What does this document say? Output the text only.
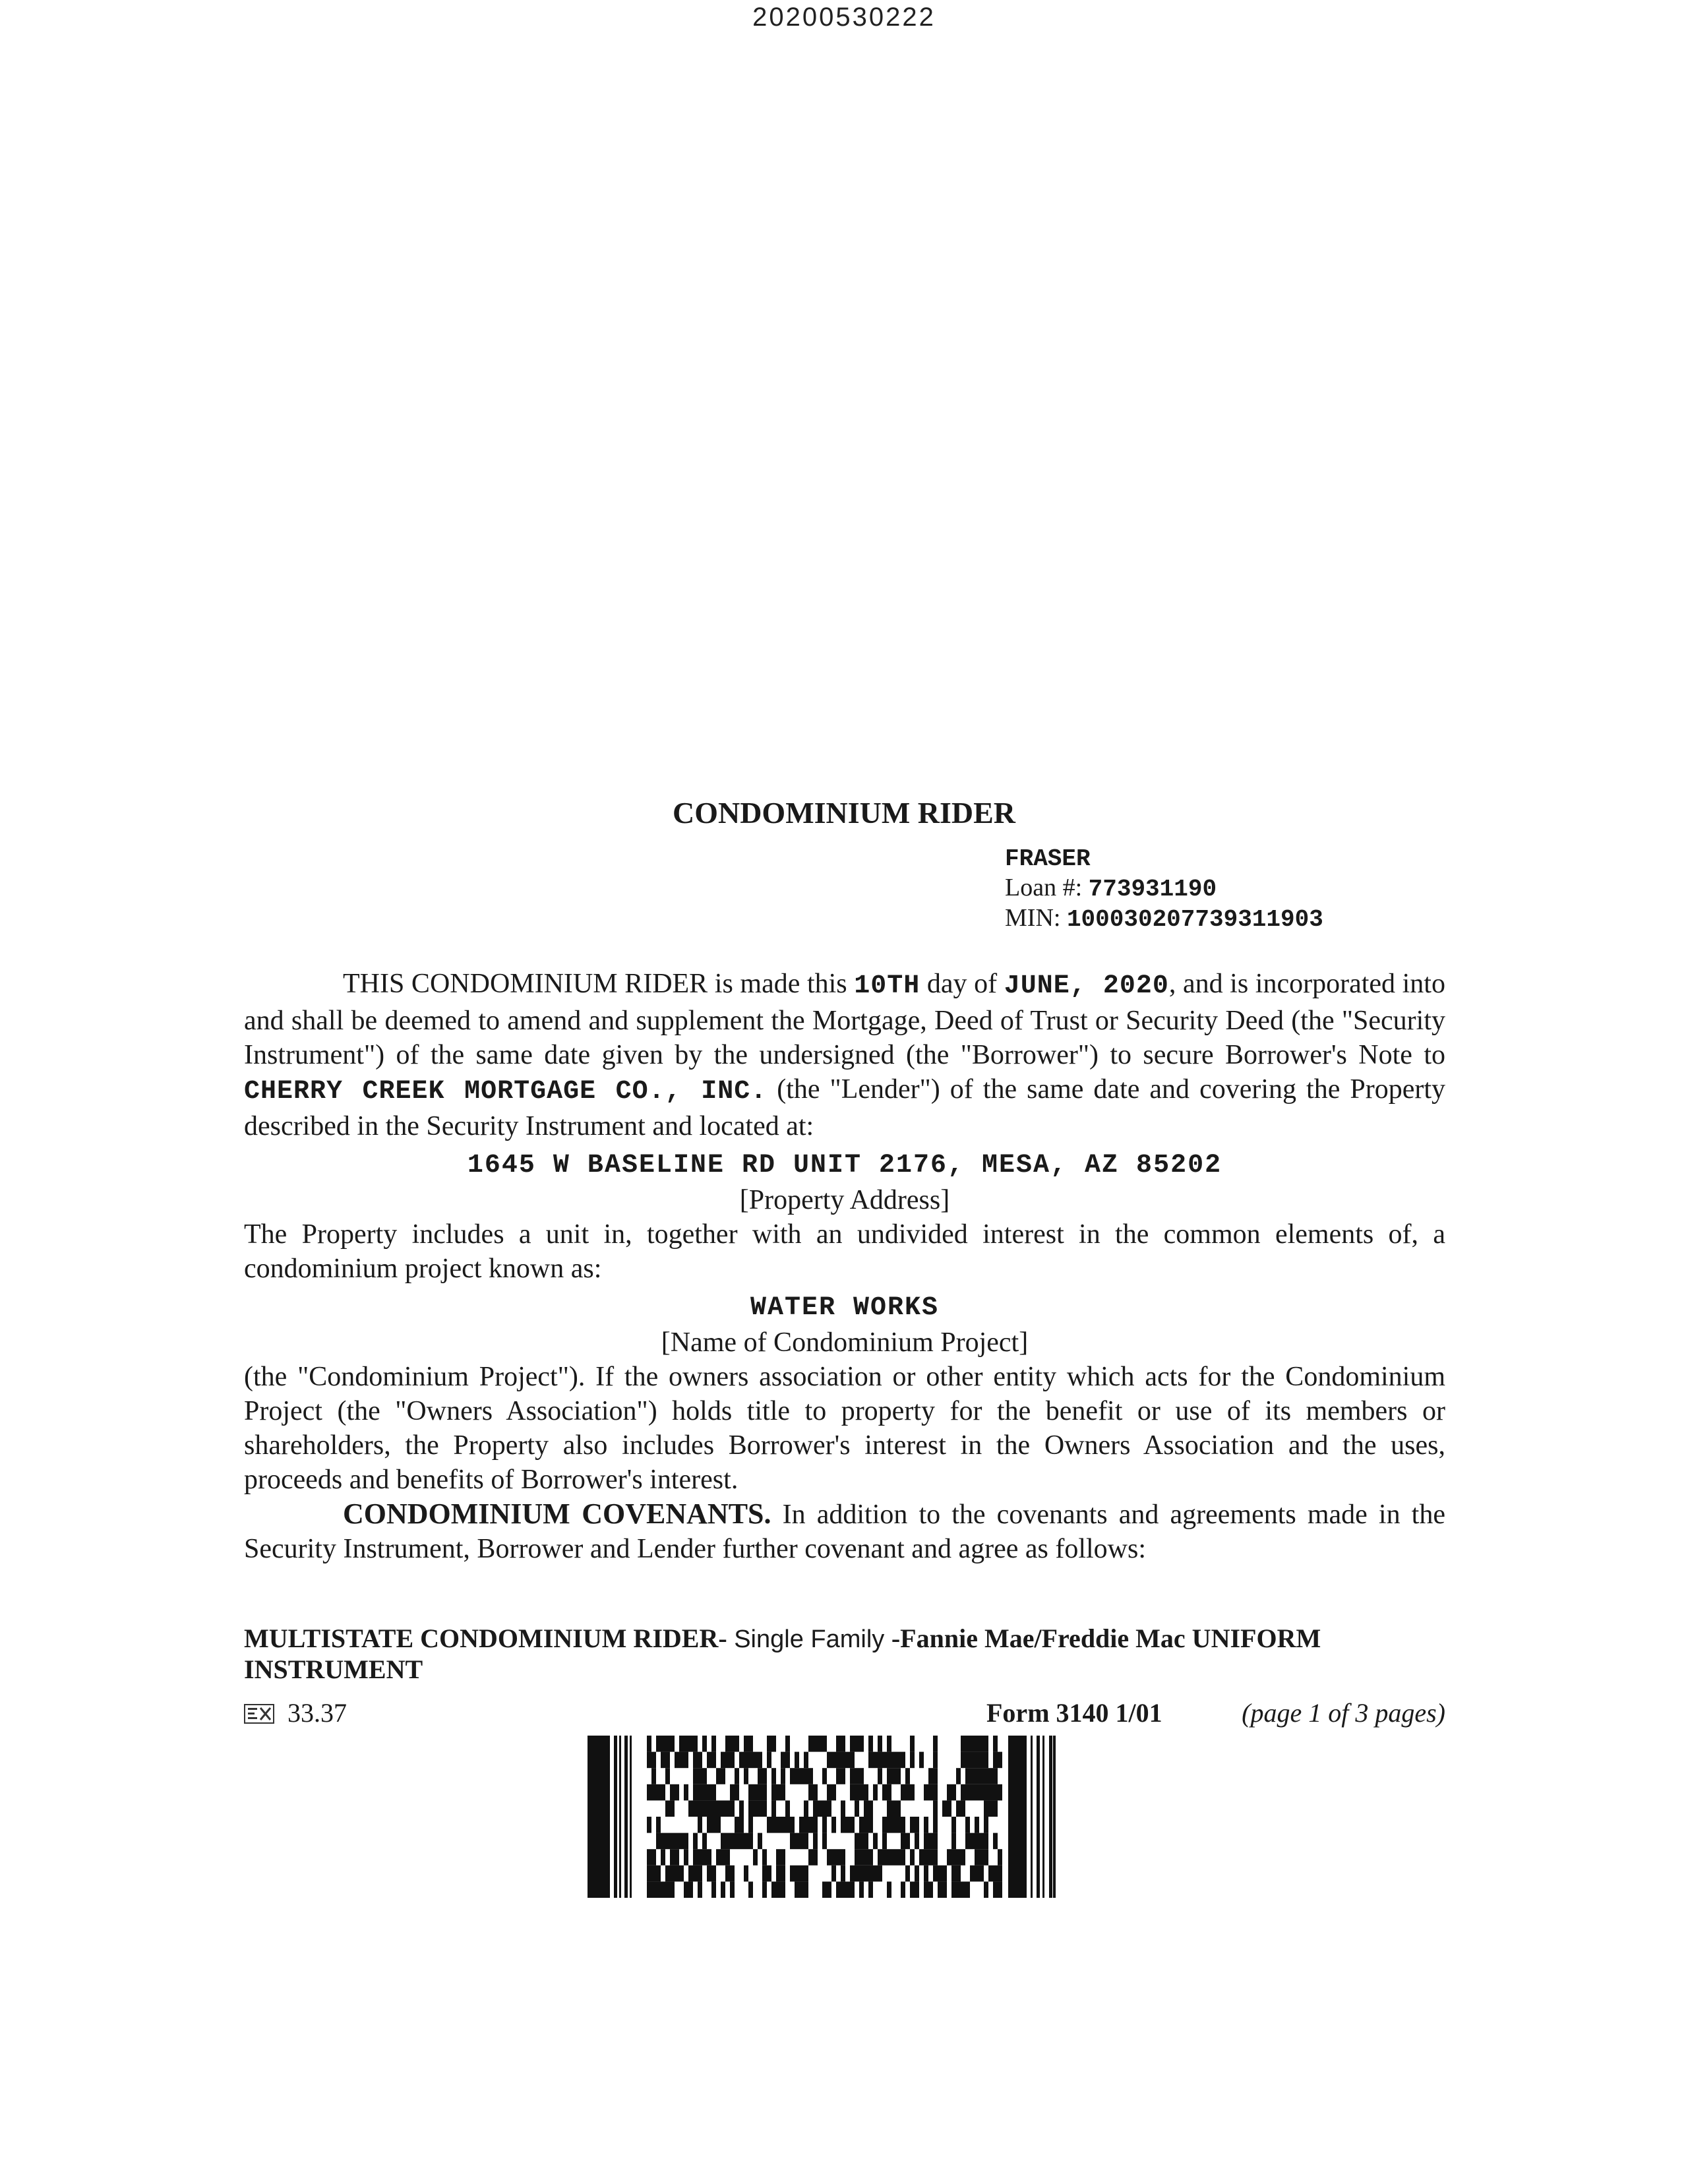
20200530222
CONDOMINIUM RIDER
FRASER
Loan #: 773931190
MIN: 100030207739311903

THIS CONDOMINIUM RIDER is made this 10TH day of JUNE, 2020, and is incorporated into and shall be deemed to amend and supplement the Mortgage, Deed of Trust or Security Deed (the "Security Instrument") of the same date given by the undersigned (the "Borrower") to secure Borrower's Note to CHERRY CREEK MORTGAGE CO., INC. (the "Lender") of the same date and covering the Property described in the Security Instrument and located at:

1645 W BASELINE RD UNIT 2176, MESA, AZ 85202

[Property Address]

The Property includes a unit in, together with an undivided interest in the common elements of, a condominium project known as:

WATER WORKS

[Name of Condominium Project]

(the "Condominium Project"). If the owners association or other entity which acts for the Condominium Project (the "Owners Association") holds title to property for the benefit or use of its members or shareholders, the Property also includes Borrower's interest in the Owners Association and the uses, proceeds and benefits of Borrower's interest.

CONDOMINIUM COVENANTS. In addition to the covenants and agreements made in the Security Instrument, Borrower and Lender further covenant and agree as follows:

MULTISTATE CONDOMINIUM RIDER- Single Family -Fannie Mae/Freddie Mac UNIFORM INSTRUMENT
33.37	Form 3140 1/01	(page 1 of 3 pages)
